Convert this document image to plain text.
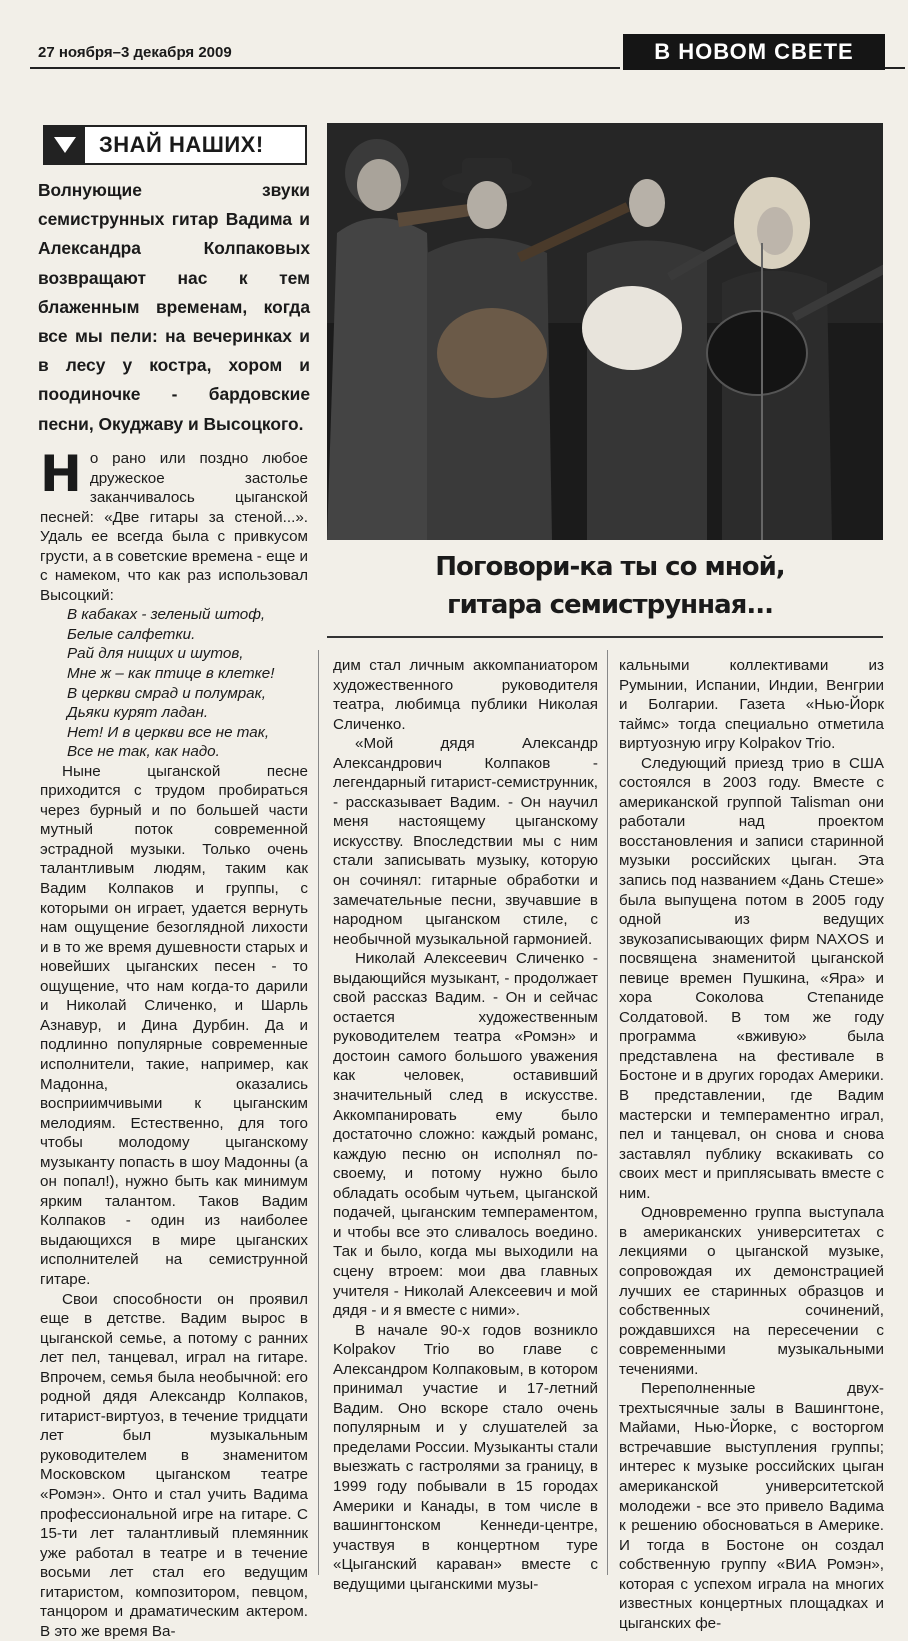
27 ноября–3 декабря 2009	В НОВОМ СВЕТЕ
ЗНАЙ НАШИХ!

Волнующие звуки семиструнных гитар Вадима и Александра Колпаковых возвращают нас к тем блаженным временам, когда все мы пели: на вечеринках и в лесу у костра, хором и поодиночке - бардовские песни, Окуджаву и Высоцкого.

Поговори-ка ты со мной,
гитара семиструнная...

Но рано или поздно любое дружеское застолье заканчивалось цыганской песней: «Две гитары за стеной...». Удаль ее всегда была с привкусом грусти, а в советские времена - еще и с намеком, что как раз использовал Высоцкий:

В кабаках - зеленый штоф,
Белые салфетки.
Рай для нищих и шутов,
Мне ж – как птице в клетке!
В церкви смрад и полумрак,
Дьяки курят ладан.
Нет! И в церкви все не так,
Все не так, как надо.

Ныне цыганской песне приходится с трудом пробираться через бурный и по большей части мутный поток современной эстрадной музыки. Только очень талантливым людям, таким как Вадим Колпаков и группы, с которыми он играет, удается вернуть нам ощущение безоглядной лихости и в то же время душевности старых и новейших цыганских песен - то ощущение, что нам когда-то дарили и Николай Сличенко, и Шарль Азнавур, и Дина Дурбин. Да и подлинно популярные современные исполнители, такие, например, как Мадонна, оказались восприимчивыми к цыганским мелодиям. Естественно, для того чтобы молодому цыганскому музыканту попасть в шоу Мадонны (а он попал!), нужно быть как минимум ярким талантом. Таков Вадим Колпаков - один из наиболее выдающихся в мире цыганских исполнителей на семиструнной гитаре.

Свои способности он проявил еще в детстве. Вадим вырос в цыганской семье, а потому с ранних лет пел, танцевал, играл на гитаре. Впрочем, семья была необычной: его родной дядя Александр Колпаков, гитарист-виртуоз, в течение тридцати лет был музыкальным руководителем в знаменитом Московском цыганском театре «Ромэн». Онто и стал учить Вадима профессиональной игре на гитаре. С 15-ти лет талантливый племянник уже работал в театре и в течение восьми лет стал его ведущим гитаристом, композитором, певцом, танцором и драматическим актером. В это же время Ва-

дим стал личным аккомпаниатором художественного руководителя театра, любимца публики Николая Сличенко.

«Мой дядя Александр Александрович Колпаков - легендарный гитарист-семиструнник, - рассказывает Вадим. - Он научил меня настоящему цыганскому искусству. Впоследствии мы с ним стали записывать музыку, которую он сочинял: гитарные обработки и замечательные песни, звучавшие в народном цыганском стиле, с необычной музыкальной гармонией.

Николай Алексеевич Сличенко - выдающийся музыкант, - продолжает свой рассказ Вадим. - Он и сейчас остается художественным руководителем театра «Ромэн» и достоин самого большого уважения как человек, оставивший значительный след в искусстве. Аккомпанировать ему было достаточно сложно: каждый романс, каждую песню он исполнял по-своему, и потому нужно было обладать особым чутьем, цыганской подачей, цыганским темпераментом, и чтобы все это сливалось воедино. Так и было, когда мы выходили на сцену втроем: мои два главных учителя - Николай Алексеевич и мой дядя - и я вместе с ними».

В начале 90-х годов возникло Kolpakov Trio во главе с Александром Колпаковым, в котором принимал участие и 17-летний Вадим. Оно вскоре стало очень популярным и у слушателей за пределами России. Музыканты стали выезжать с гастролями за границу, в 1999 году побывали в 15 городах Америки и Канады, в том числе в вашингтонском Кеннеди-центре, участвуя в концертном туре «Цыганский караван» вместе с ведущими цыганскими музы-

кальными коллективами из Румынии, Испании, Индии, Венгрии и Болгарии. Газета «Нью-Йорк таймс» тогда специально отметила виртуозную игру Kolpakov Trio.

Следующий приезд трио в США состоялся в 2003 году. Вместе с американской группой Talisman они работали над проектом восстановления и записи старинной музыки российских цыган. Эта запись под названием «Дань Стеше» была выпущена потом в 2005 году одной из ведущих звукозаписывающих фирм NAXOS и посвящена знаменитой цыганской певице времен Пушкина, «Яра» и хора Соколова Степаниде Солдатовой. В том же году программа «вживую» была представлена на фестивале в Бостоне и в других городах Америки. В представлении, где Вадим мастерски и темпераментно играл, пел и танцевал, он снова и снова заставлял публику вскакивать со своих мест и приплясывать вместе с ним.

Одновременно группа выступала в американских университетах с лекциями о цыганской музыке, сопровождая их демонстрацией лучших ее старинных образцов и собственных сочинений, рождавшихся на пересечении с современными музыкальными течениями.

Переполненные двух-трехтысячные залы в Вашингтоне, Майами, Нью-Йорке, с восторгом встречавшие выступления группы; интерес к музыке российских цыган американской университетской молодежи - все это привело Вадима к решению обосноваться в Америке. И тогда в Бостоне он создал собственную группу «ВИА Ромэн», которая с успехом играла на многих известных концертных площадках и цыганских фе-
